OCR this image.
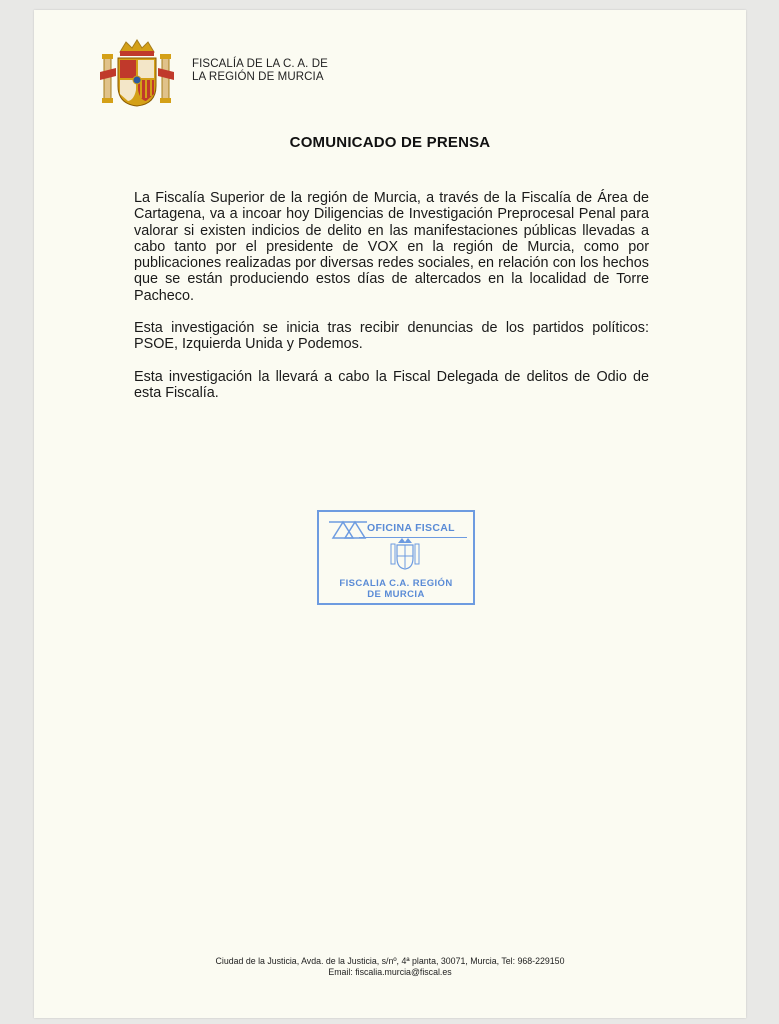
FISCALÍA DE LA C. A. DE
LA REGIÓN DE MURCIA
COMUNICADO DE PRENSA

La Fiscalía Superior de la región de Murcia, a través de la Fiscalía de Área de Cartagena, va a incoar hoy Diligencias de Investigación Preprocesal Penal para valorar si existen indicios de delito en las manifestaciones públicas llevadas a cabo tanto por el presidente de VOX en la región de Murcia, como por publicaciones realizadas por diversas redes sociales, en relación con los hechos que se están produciendo estos días de altercados en la localidad de Torre Pacheco.

Esta investigación se inicia tras recibir denuncias de los partidos políticos: PSOE, Izquierda Unida y Podemos.

Esta investigación la llevará a cabo la Fiscal Delegada de delitos de Odio de esta Fiscalía.

OFICINA FISCAL
FISCALIA C.A. REGIÓN
DE MURCIA
Ciudad de la Justicia, Avda. de la Justicia, s/nº, 4ª planta, 30071, Murcia, Tel: 968-229150
Email: fiscalia.murcia@fiscal.es
